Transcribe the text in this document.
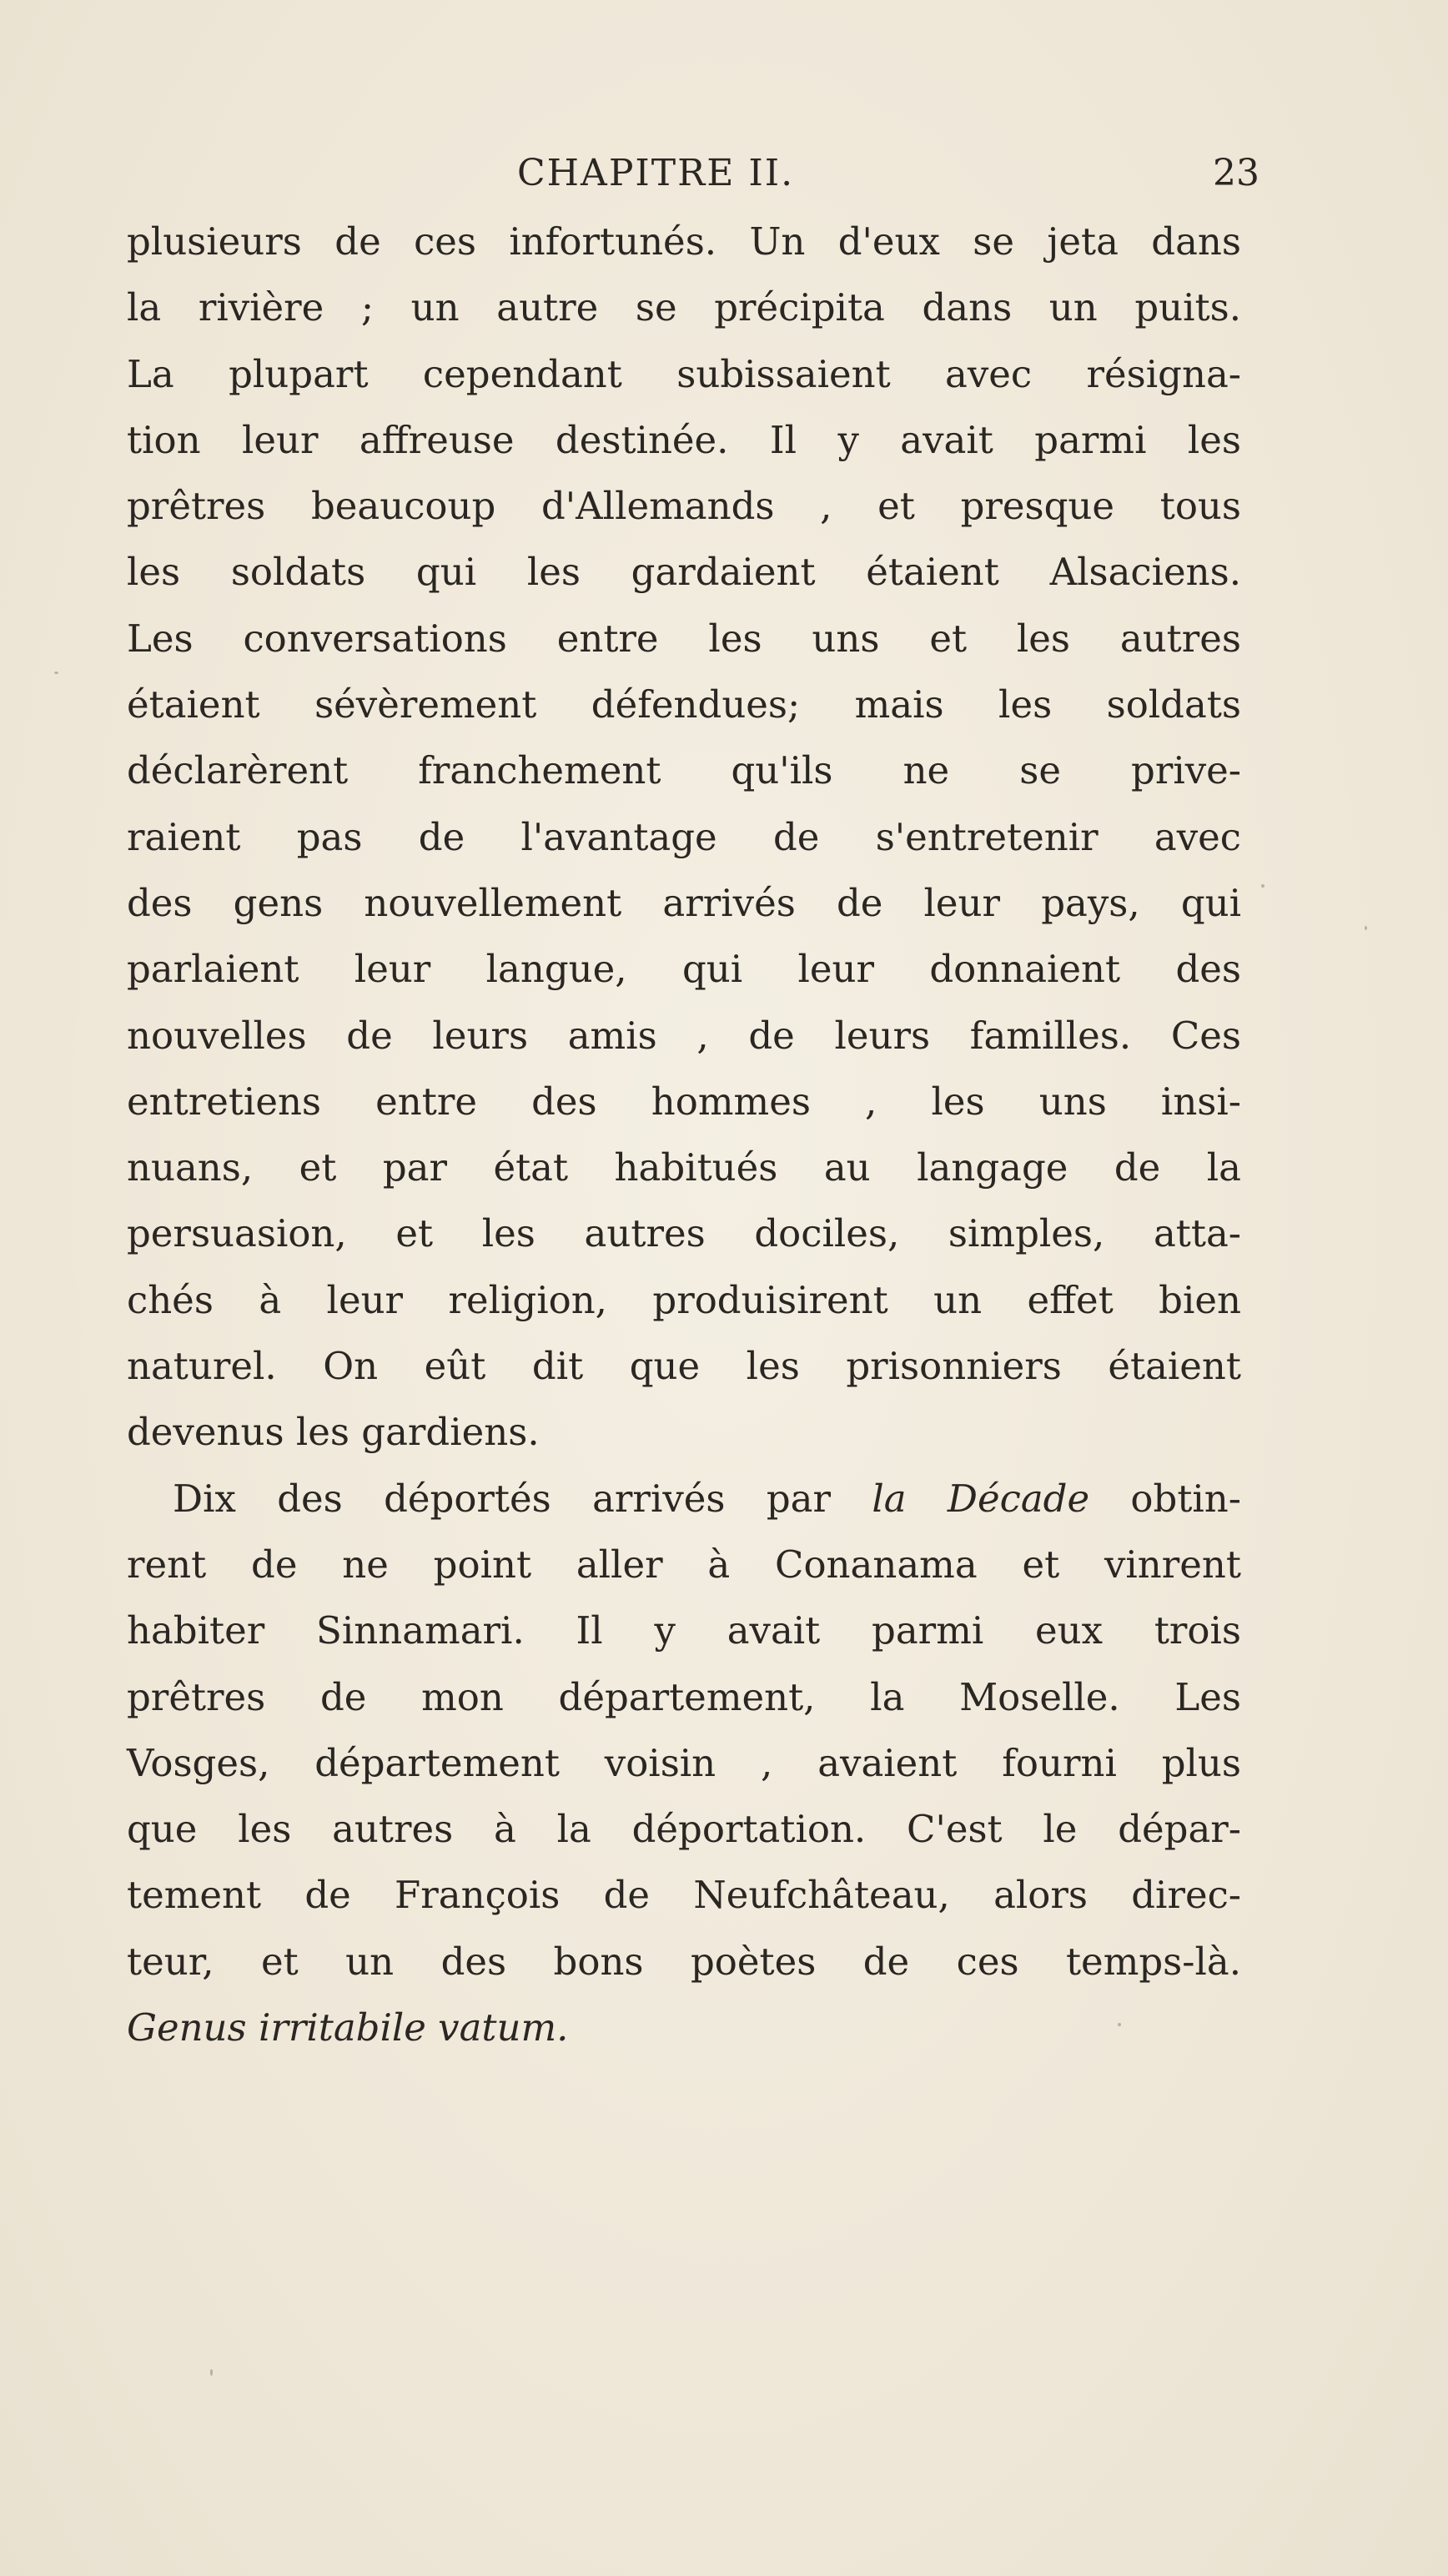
CHAPITRE II.	23
plusieurs de ces infortunés. Un d'eux se jeta dans
la rivière ; un autre se précipita dans un puits.
La plupart cependant subissaient avec résigna-
tion leur affreuse destinée. Il y avait parmi les
prêtres beaucoup d'Allemands , et presque tous
les soldats qui les gardaient étaient Alsaciens.
Les conversations entre les uns et les autres
étaient sévèrement défendues; mais les soldats
déclarèrent franchement qu'ils ne se prive-
raient pas de l'avantage de s'entretenir avec
des gens nouvellement arrivés de leur pays, qui
parlaient leur langue, qui leur donnaient des
nouvelles de leurs amis , de leurs familles. Ces
entretiens entre des hommes , les uns insi-
nuans, et par état habitués au langage de la
persuasion, et les autres dociles, simples, atta-
chés à leur religion, produisirent un effet bien
naturel. On eût dit que les prisonniers étaient
devenus les gardiens.
Dix des déportés arrivés par la Décade obtin-
rent de ne point aller à Conanama et vinrent
habiter Sinnamari. Il y avait parmi eux trois
prêtres de mon département, la Moselle. Les
Vosges, département voisin , avaient fourni plus
que les autres à la déportation. C'est le dépar-
tement de François de Neufchâteau, alors direc-
teur, et un des bons poètes de ces temps-là.
Genus irritabile vatum.
